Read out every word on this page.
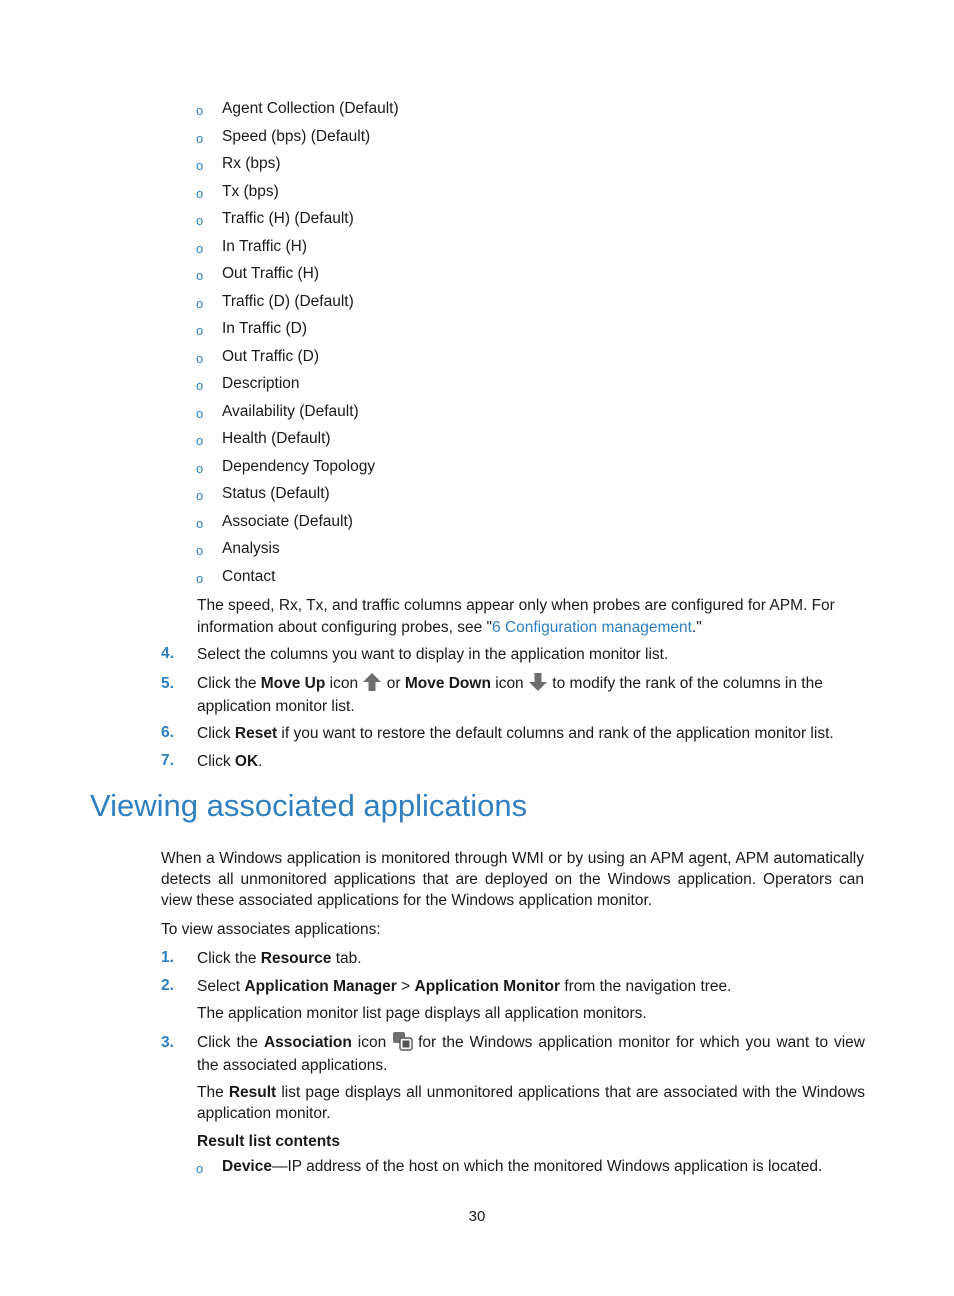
o Agent Collection (Default)
o Speed (bps) (Default)
o Rx (bps)
o Tx (bps)
o Traffic (H) (Default)
o In Traffic (H)
o Out Traffic (H)
o Traffic (D) (Default)
o In Traffic (D)
o Out Traffic (D)
o Description
o Availability (Default)
o Health (Default)
o Dependency Topology
o Status (Default)
o Associate (Default)
o Analysis
o Contact
The speed, Rx, Tx, and traffic columns appear only when probes are configured for APM. For information about configuring probes, see "6 Configuration management."
4. Select the columns you want to display in the application monitor list.
5. Click the Move Up icon  or Move Down icon  to modify the rank of the columns in the application monitor list.
6. Click Reset if you want to restore the default columns and rank of the application monitor list.
7. Click OK.
Viewing associated applications
When a Windows application is monitored through WMI or by using an APM agent, APM automatically detects all unmonitored applications that are deployed on the Windows application. Operators can view these associated applications for the Windows application monitor.
To view associates applications:
1. Click the Resource tab.
2. Select Application Manager > Application Monitor from the navigation tree.
The application monitor list page displays all application monitors.
3. Click the Association icon  for the Windows application monitor for which you want to view the associated applications.
The Result list page displays all unmonitored applications that are associated with the Windows application monitor.
Result list contents
o Device—IP address of the host on which the monitored Windows application is located.
30
